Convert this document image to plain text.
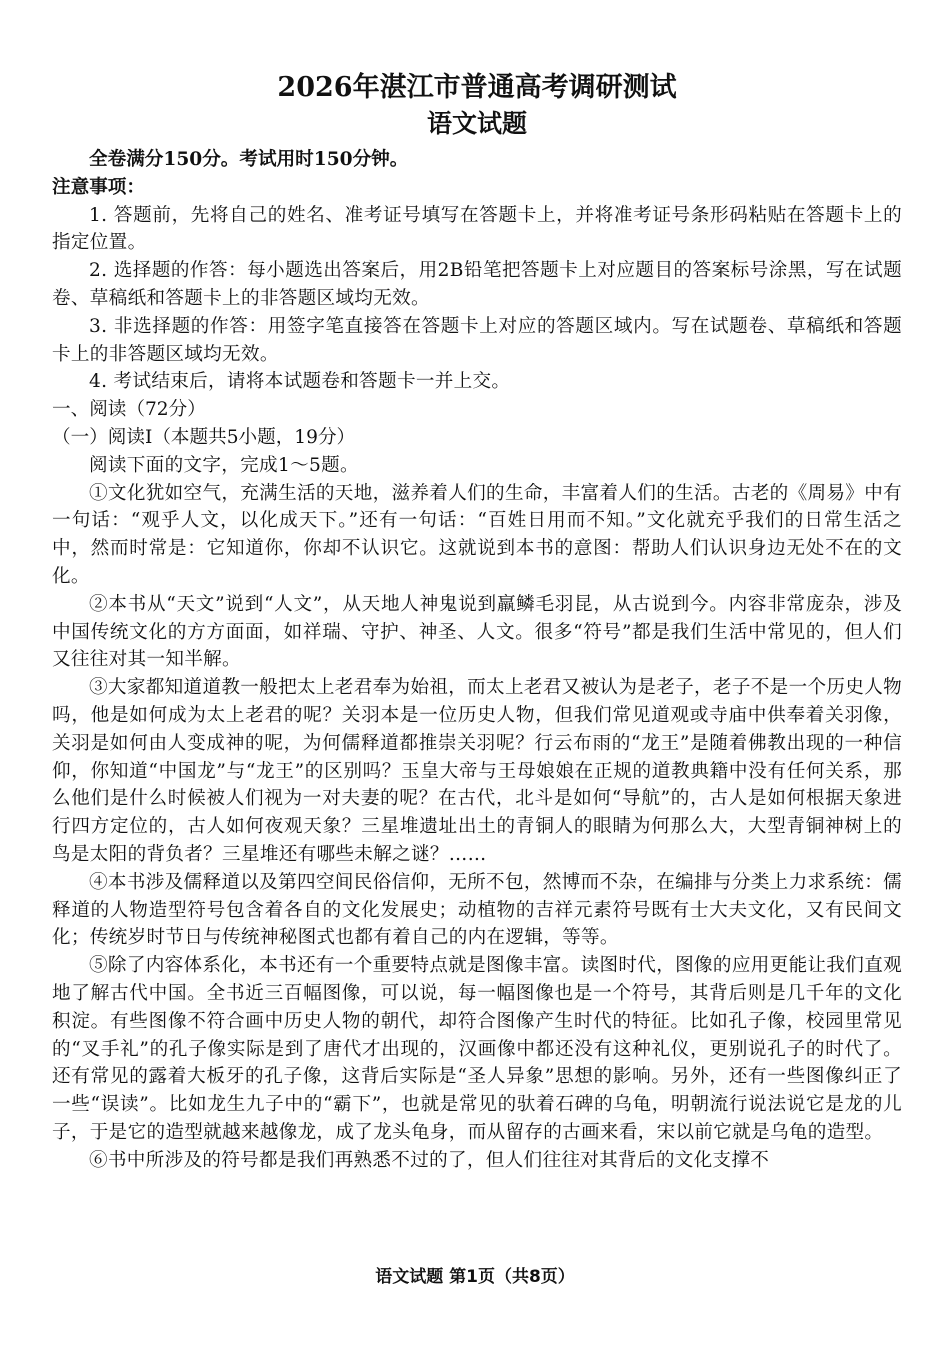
2026年湛江市普通高考调研测试
语文试题

全卷满分150分。考试用时150分钟。

注意事项：

1. 答题前，先将自己的姓名、准考证号填写在答题卡上，并将准考证号条形码粘贴在答题卡上的指定位置。

2. 选择题的作答：每小题选出答案后，用2B铅笔把答题卡上对应题目的答案标号涂黑，写在试题卷、草稿纸和答题卡上的非答题区域均无效。

3. 非选择题的作答：用签字笔直接答在答题卡上对应的答题区域内。写在试题卷、草稿纸和答题卡上的非答题区域均无效。

4. 考试结束后，请将本试题卷和答题卡一并上交。

一、阅读（72分）

（一）阅读Ⅰ（本题共5小题，19分）

阅读下面的文字，完成1～5题。

①文化犹如空气，充满生活的天地，滋养着人们的生命，丰富着人们的生活。古老的《周易》中有一句话：“观乎人文，以化成天下。”还有一句话：“百姓日用而不知。”文化就充乎我们的日常生活之中，然而时常是：它知道你，你却不认识它。这就说到本书的意图：帮助人们认识身边无处不在的文化。

②本书从“天文”说到“人文”，从天地人神鬼说到羸鳞毛羽昆，从古说到今。内容非常庞杂，涉及中国传统文化的方方面面，如祥瑞、守护、神圣、人文。很多“符号”都是我们生活中常见的，但人们又往往对其一知半解。

③大家都知道道教一般把太上老君奉为始祖，而太上老君又被认为是老子，老子不是一个历史人物吗，他是如何成为太上老君的呢？关羽本是一位历史人物，但我们常见道观或寺庙中供奉着关羽像，关羽是如何由人变成神的呢，为何儒释道都推崇关羽呢？行云布雨的“龙王”是随着佛教出现的一种信仰，你知道“中国龙”与“龙王”的区别吗？玉皇大帝与王母娘娘在正规的道教典籍中没有任何关系，那么他们是什么时候被人们视为一对夫妻的呢？在古代，北斗是如何“导航”的，古人是如何根据天象进行四方定位的，古人如何夜观天象？三星堆遗址出土的青铜人的眼睛为何那么大，大型青铜神树上的鸟是太阳的背负者？三星堆还有哪些未解之谜？……

④本书涉及儒释道以及第四空间民俗信仰，无所不包，然博而不杂，在编排与分类上力求系统：儒释道的人物造型符号包含着各自的文化发展史；动植物的吉祥元素符号既有士大夫文化，又有民间文化；传统岁时节日与传统神秘图式也都有着自己的内在逻辑，等等。

⑤除了内容体系化，本书还有一个重要特点就是图像丰富。读图时代，图像的应用更能让我们直观地了解古代中国。全书近三百幅图像，可以说，每一幅图像也是一个符号，其背后则是几千年的文化积淀。有些图像不符合画中历史人物的朝代，却符合图像产生时代的特征。比如孔子像，校园里常见的“叉手礼”的孔子像实际是到了唐代才出现的，汉画像中都还没有这种礼仪，更别说孔子的时代了。还有常见的露着大板牙的孔子像，这背后实际是“圣人异象”思想的影响。另外，还有一些图像纠正了一些“误读”。比如龙生九子中的“霸下”，也就是常见的驮着石碑的乌龟，明朝流行说法说它是龙的儿子，于是它的造型就越来越像龙，成了龙头龟身，而从留存的古画来看，宋以前它就是乌龟的造型。

⑥书中所涉及的符号都是我们再熟悉不过的了，但人们往往对其背后的文化支撑不

语文试题 第1页（共8页）
